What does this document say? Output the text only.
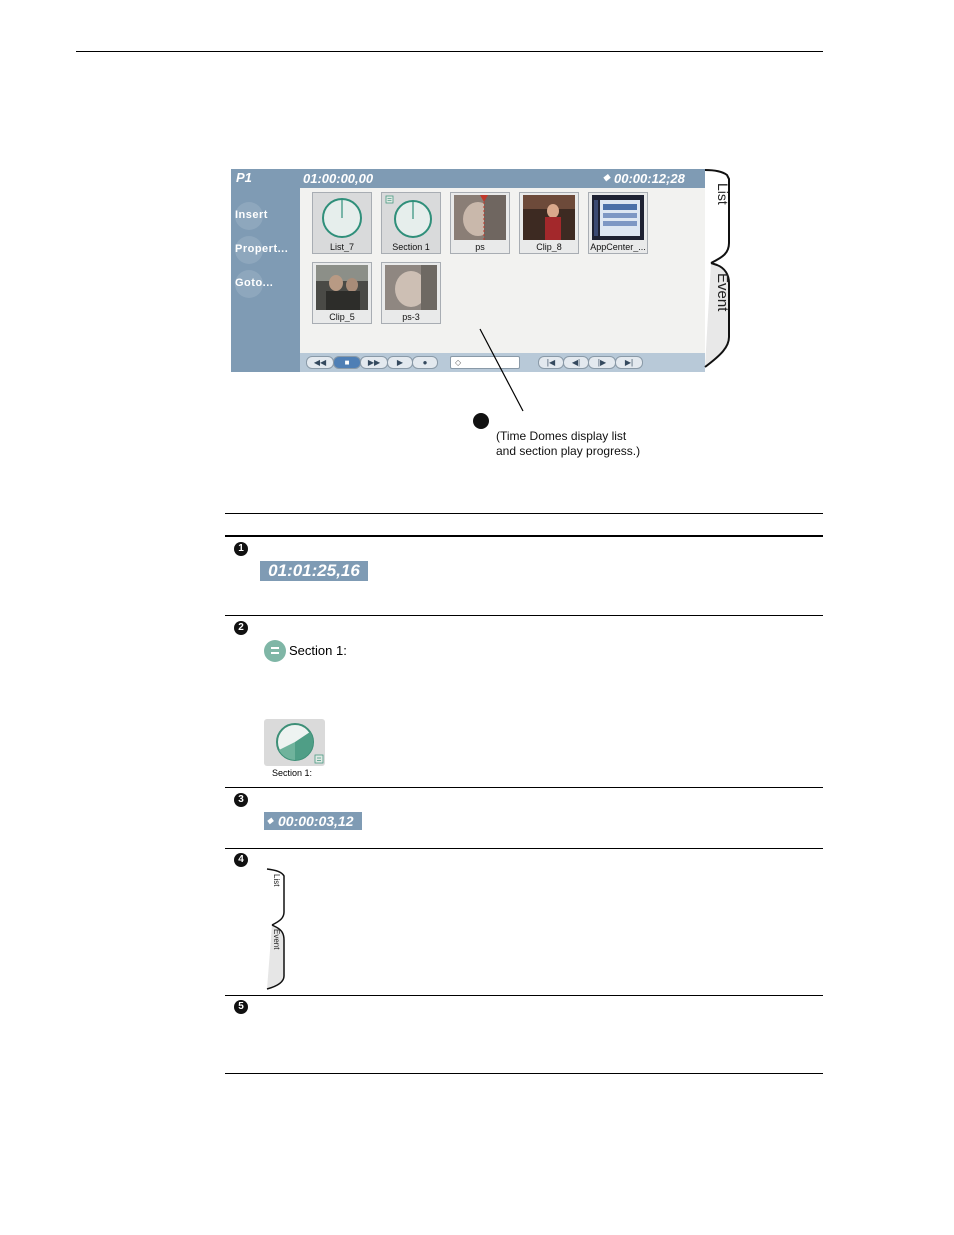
P1	01:00:00,00	◆ 00:00:12;28
Insert
Propert...
Goto...
List_7	Section 1	ps	Clip_8	AppCenter_...
Clip_5	ps-3
◀◀	■	▶▶	▶	●	◇	|◀	◀|	|▶	▶|
List
Event
(Time Domes display list
and section play progress.)
1
01:01:25,16
2
Section 1:
Section 1:
3
◆ 00:00:03,12
4
List
Event
5
